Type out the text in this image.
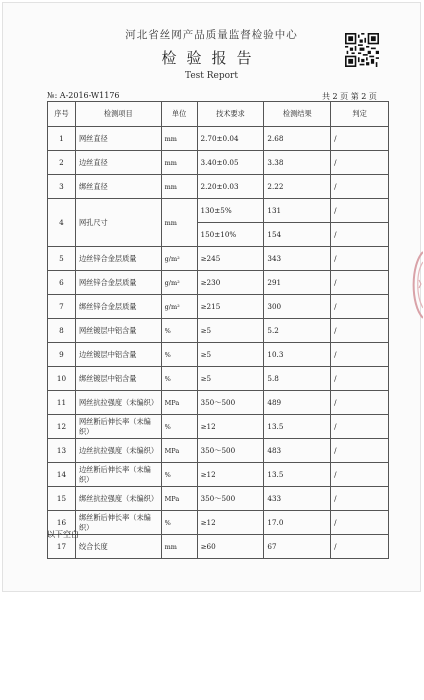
河北省丝网产品质量监督检验中心
检验报告
Test Report
№: A-2016-W1176	共 2 页 第 2 页
序号	检测项目	单位	技术要求	检测结果	判定
1	网丝直径	mm	2.70±0.04	2.68	/
2	边丝直径	mm	3.40±0.05	3.38	/
3	绑丝直径	mm	2.20±0.03	2.22	/
4	网孔尺寸	mm	130±5%	131	/
			150±10%	154	/
5	边丝锌合金层质量	g/m²	≥245	343	/
6	网丝锌合金层质量	g/m²	≥230	291	/
7	绑丝锌合金层质量	g/m²	≥215	300	/
8	网丝镀层中铝含量	%	≥5	5.2	/
9	边丝镀层中铝含量	%	≥5	10.3	/
10	绑丝镀层中铝含量	%	≥5	5.8	/
11	网丝抗拉强度（未编织）	MPa	350～500	489	/
12	网丝断后伸长率（未编织）	%	≥12	13.5	/
13	边丝抗拉强度（未编织）	MPa	350～500	483	/
14	边丝断后伸长率（未编织）	%	≥12	13.5	/
15	绑丝抗拉强度（未编织）	MPa	350～500	433	/
16	绑丝断后伸长率（未编织）	%	≥12	17.0	/
17	绞合长度	mm	≥60	67	/
以下空白
